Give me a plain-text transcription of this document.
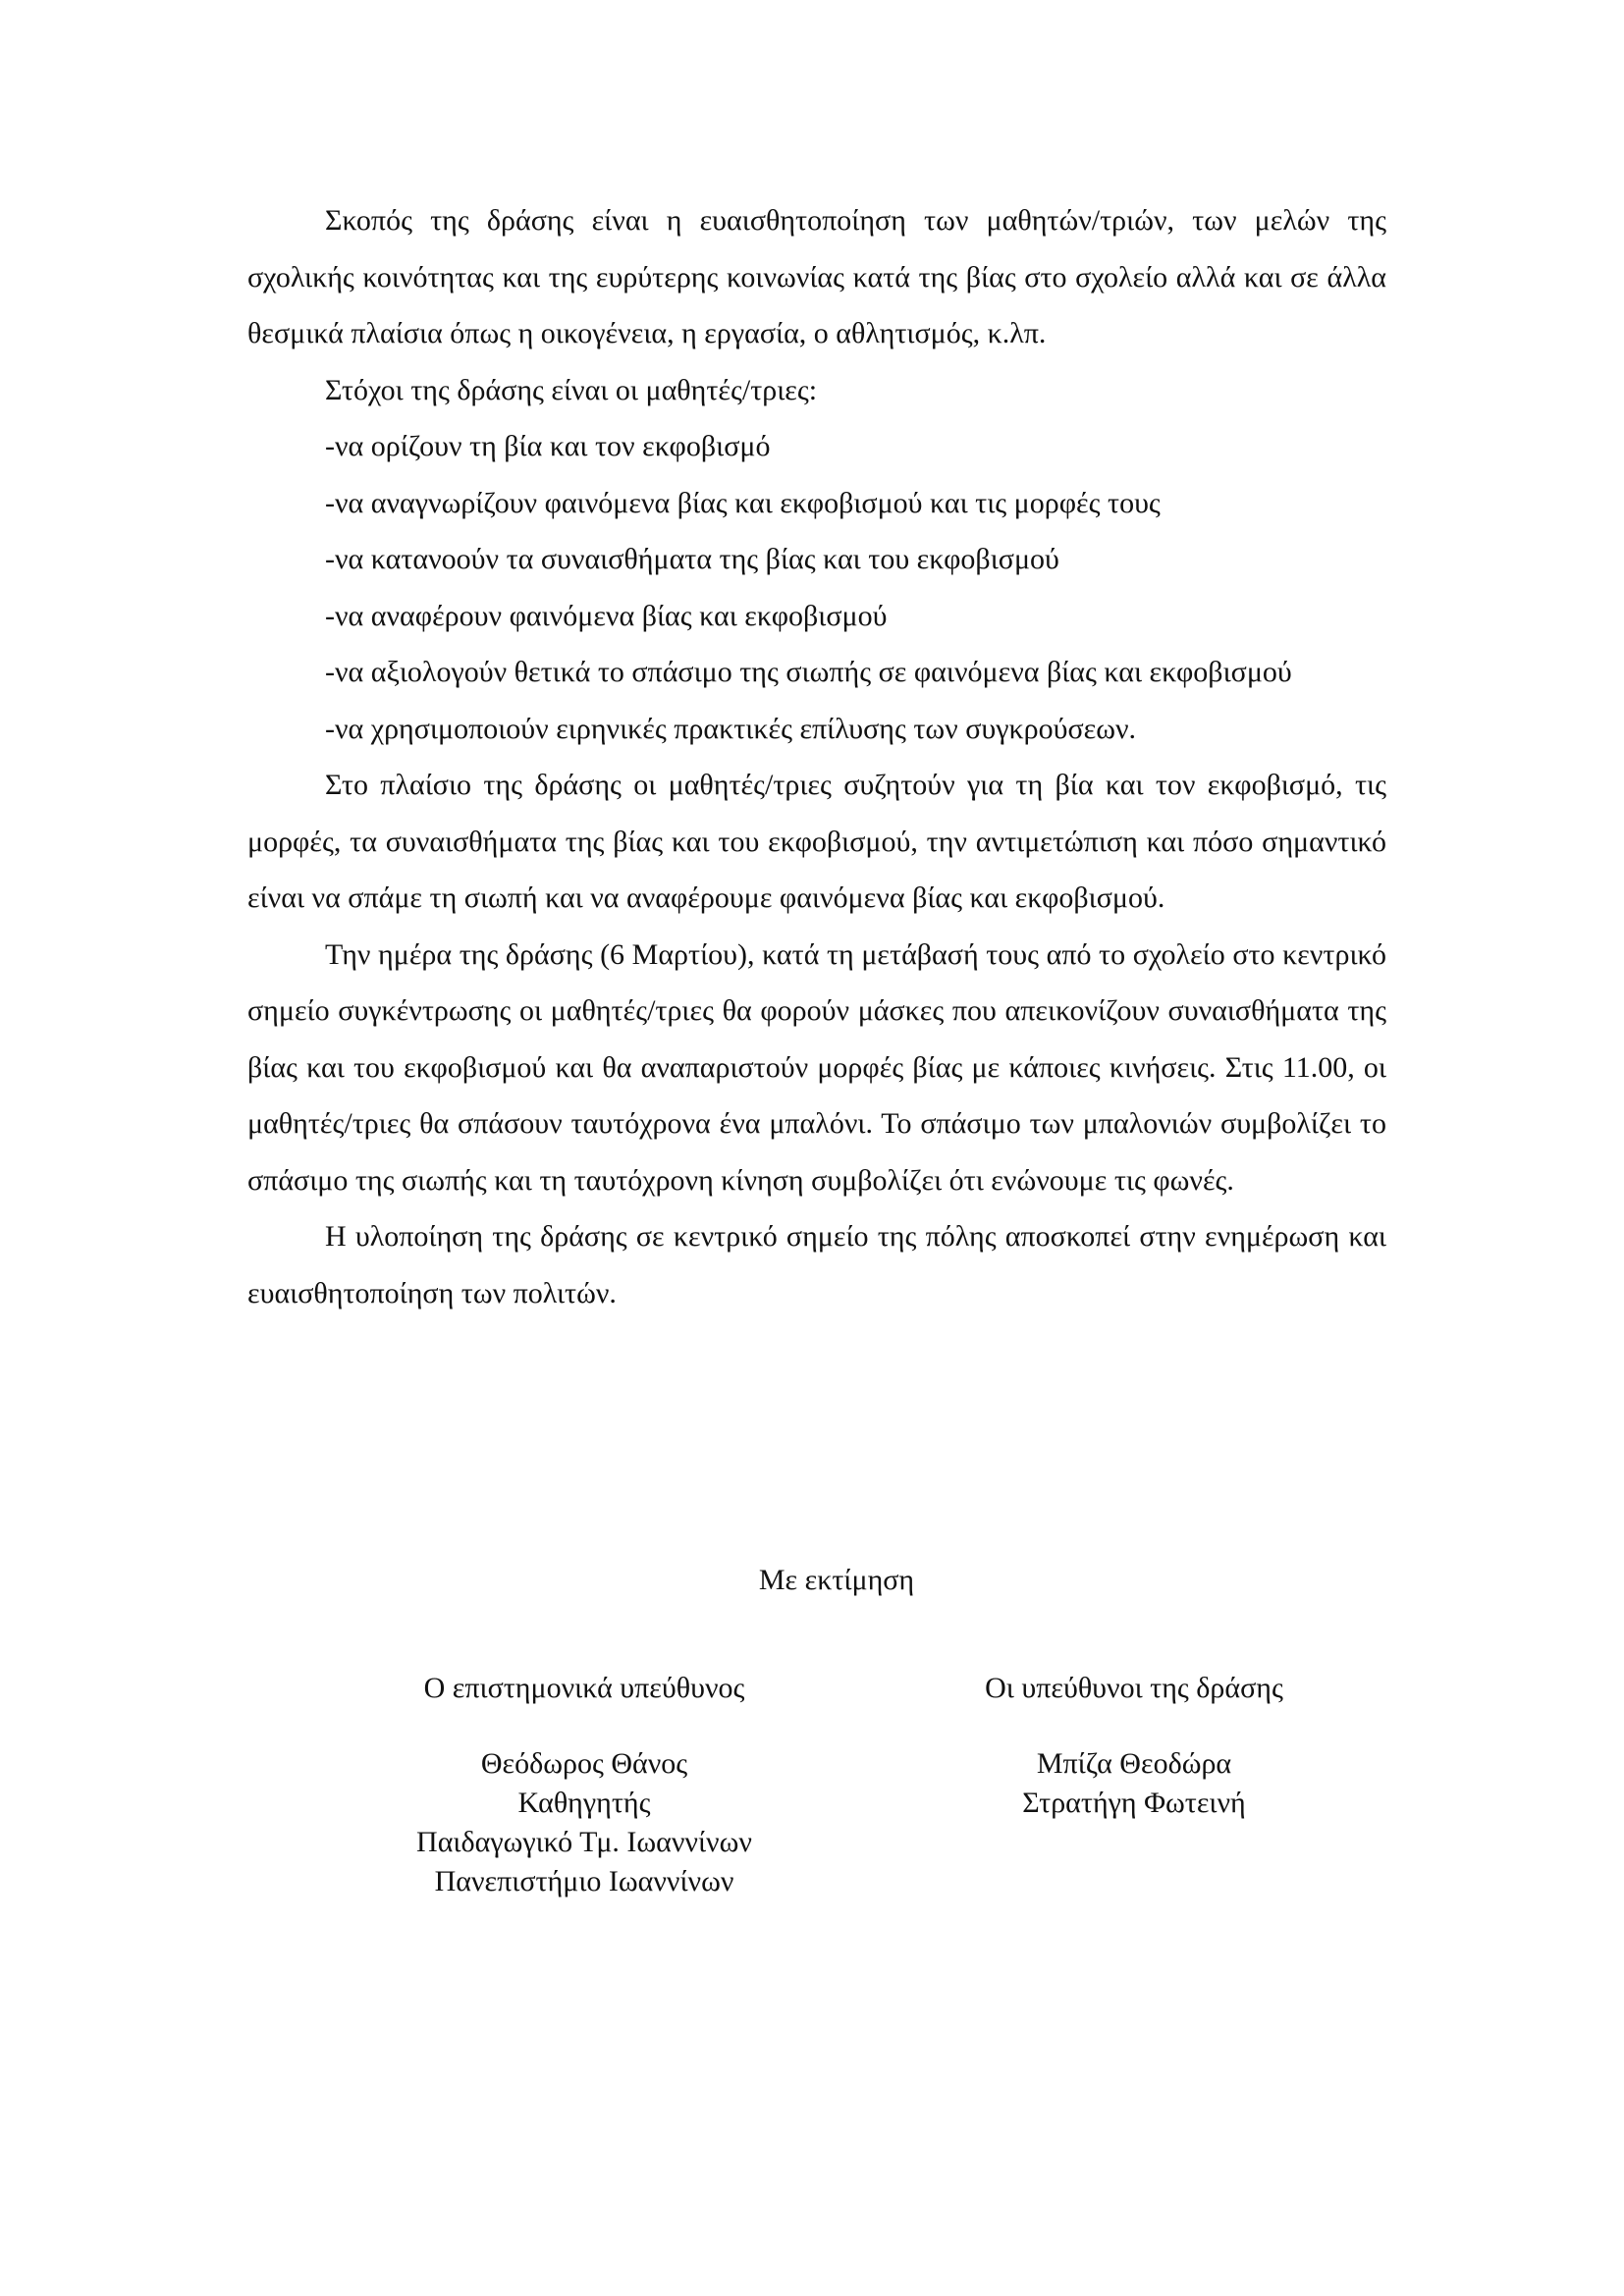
Σκοπός της δράσης είναι η ευαισθητοποίηση των μαθητών/τριών, των μελών της σχολικής κοινότητας και της ευρύτερης κοινωνίας κατά της βίας στο σχολείο αλλά και σε άλλα θεσμικά πλαίσια όπως η οικογένεια, η εργασία, ο αθλητισμός, κ.λπ.

Στόχοι της δράσης είναι οι μαθητές/τριες:

-να ορίζουν τη βία και τον εκφοβισμό

-να αναγνωρίζουν φαινόμενα βίας και εκφοβισμού και τις μορφές τους

-να κατανοούν τα συναισθήματα της βίας και του εκφοβισμού

-να αναφέρουν φαινόμενα βίας και εκφοβισμού

-να αξιολογούν θετικά το σπάσιμο της σιωπής σε φαινόμενα βίας και εκφοβισμού

-να χρησιμοποιούν ειρηνικές πρακτικές επίλυσης των συγκρούσεων.

Στο πλαίσιο της δράσης οι μαθητές/τριες συζητούν για τη βία και τον εκφοβισμό, τις μορφές, τα συναισθήματα της βίας και του εκφοβισμού, την αντιμετώπιση και πόσο σημαντικό είναι να σπάμε τη σιωπή και να αναφέρουμε φαινόμενα βίας και εκφοβισμού.

Την ημέρα της δράσης (6 Μαρτίου), κατά τη μετάβασή τους από το σχολείο στο κεντρικό σημείο συγκέντρωσης οι μαθητές/τριες θα φορούν μάσκες που απεικονίζουν συναισθήματα της βίας και του εκφοβισμού και θα αναπαριστούν μορφές βίας με κάποιες κινήσεις. Στις 11.00, οι μαθητές/τριες θα σπάσουν ταυτόχρονα ένα μπαλόνι. Το σπάσιμο των μπαλονιών συμβολίζει το σπάσιμο της σιωπής και τη ταυτόχρονη κίνηση συμβολίζει ότι ενώνουμε τις φωνές.

Η υλοποίηση της δράσης σε κεντρικό σημείο της πόλης αποσκοπεί στην ενημέρωση και ευαισθητοποίηση των πολιτών.

Με εκτίμηση
Ο επιστημονικά υπεύθυνος
Θεόδωρος Θάνος
Καθηγητής
Παιδαγωγικό Τμ. Ιωαννίνων
Πανεπιστήμιο Ιωαννίνων
Οι υπεύθυνοι της δράσης
Μπίζα Θεοδώρα
Στρατήγη Φωτεινή
